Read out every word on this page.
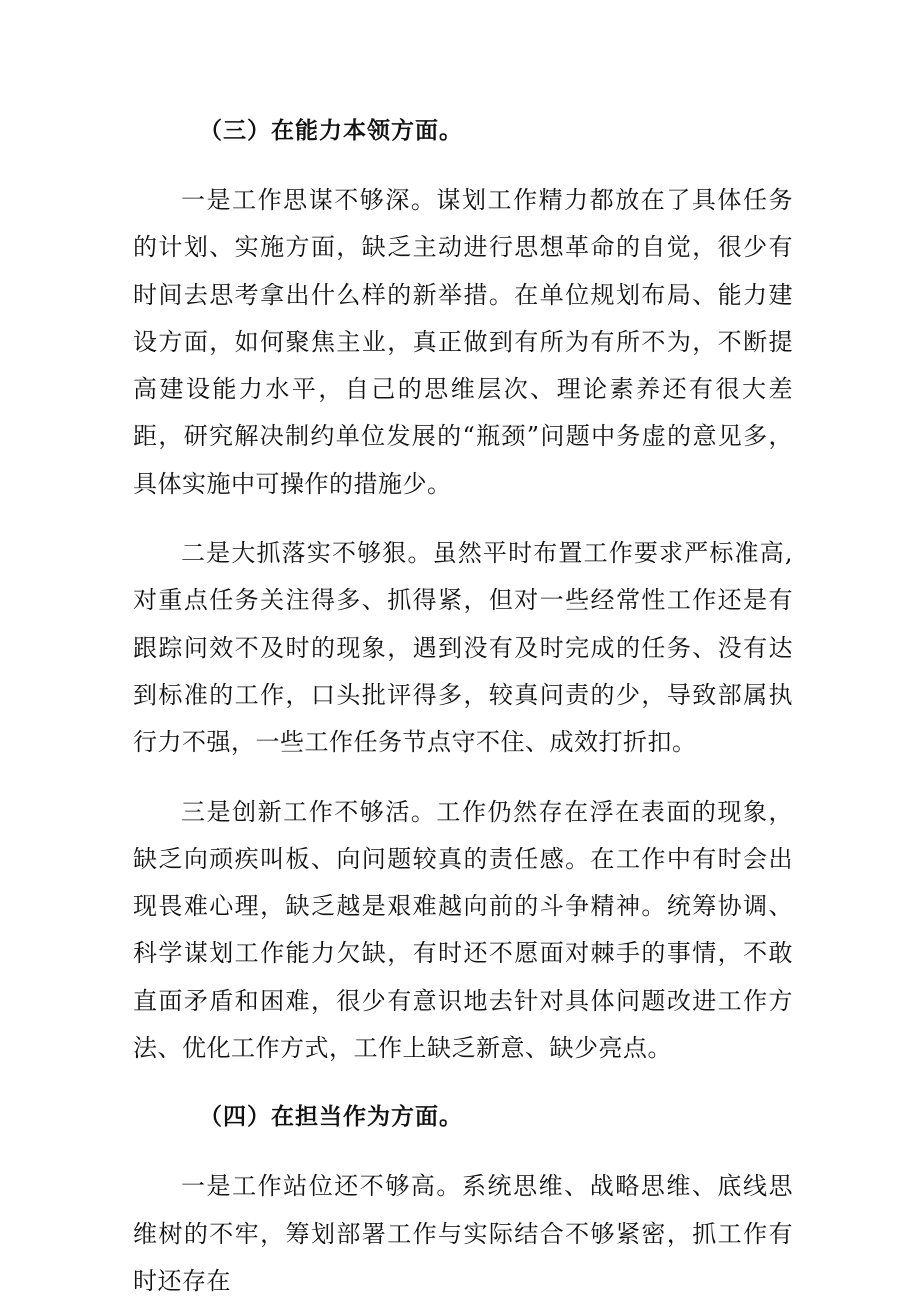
（三）在能力本领方面。

一是工作思谋不够深。谋划工作精力都放在了具体任务的计划、实施方面，缺乏主动进行思想革命的自觉，很少有时间去思考拿出什么样的新举措。在单位规划布局、能力建设方面，如何聚焦主业，真正做到有所为有所不为，不断提高建设能力水平，自己的思维层次、理论素养还有很大差距，研究解决制约单位发展的“瓶颈”问题中务虚的意见多，具体实施中可操作的措施少。

二是大抓落实不够狠。虽然平时布置工作要求严标准高,对重点任务关注得多、抓得紧，但对一些经常性工作还是有跟踪问效不及时的现象，遇到没有及时完成的任务、没有达到标准的工作，口头批评得多，较真问责的少，导致部属执行力不强，一些工作任务节点守不住、成效打折扣。

三是创新工作不够活。工作仍然存在浮在表面的现象，缺乏向顽疾叫板、向问题较真的责任感。在工作中有时会出现畏难心理，缺乏越是艰难越向前的斗争精神。统筹协调、科学谋划工作能力欠缺，有时还不愿面对棘手的事情，不敢直面矛盾和困难，很少有意识地去针对具体问题改进工作方法、优化工作方式，工作上缺乏新意、缺少亮点。

（四）在担当作为方面。

一是工作站位还不够高。系统思维、战略思维、底线思维树的不牢，筹划部署工作与实际结合不够紧密，抓工作有时还存在
